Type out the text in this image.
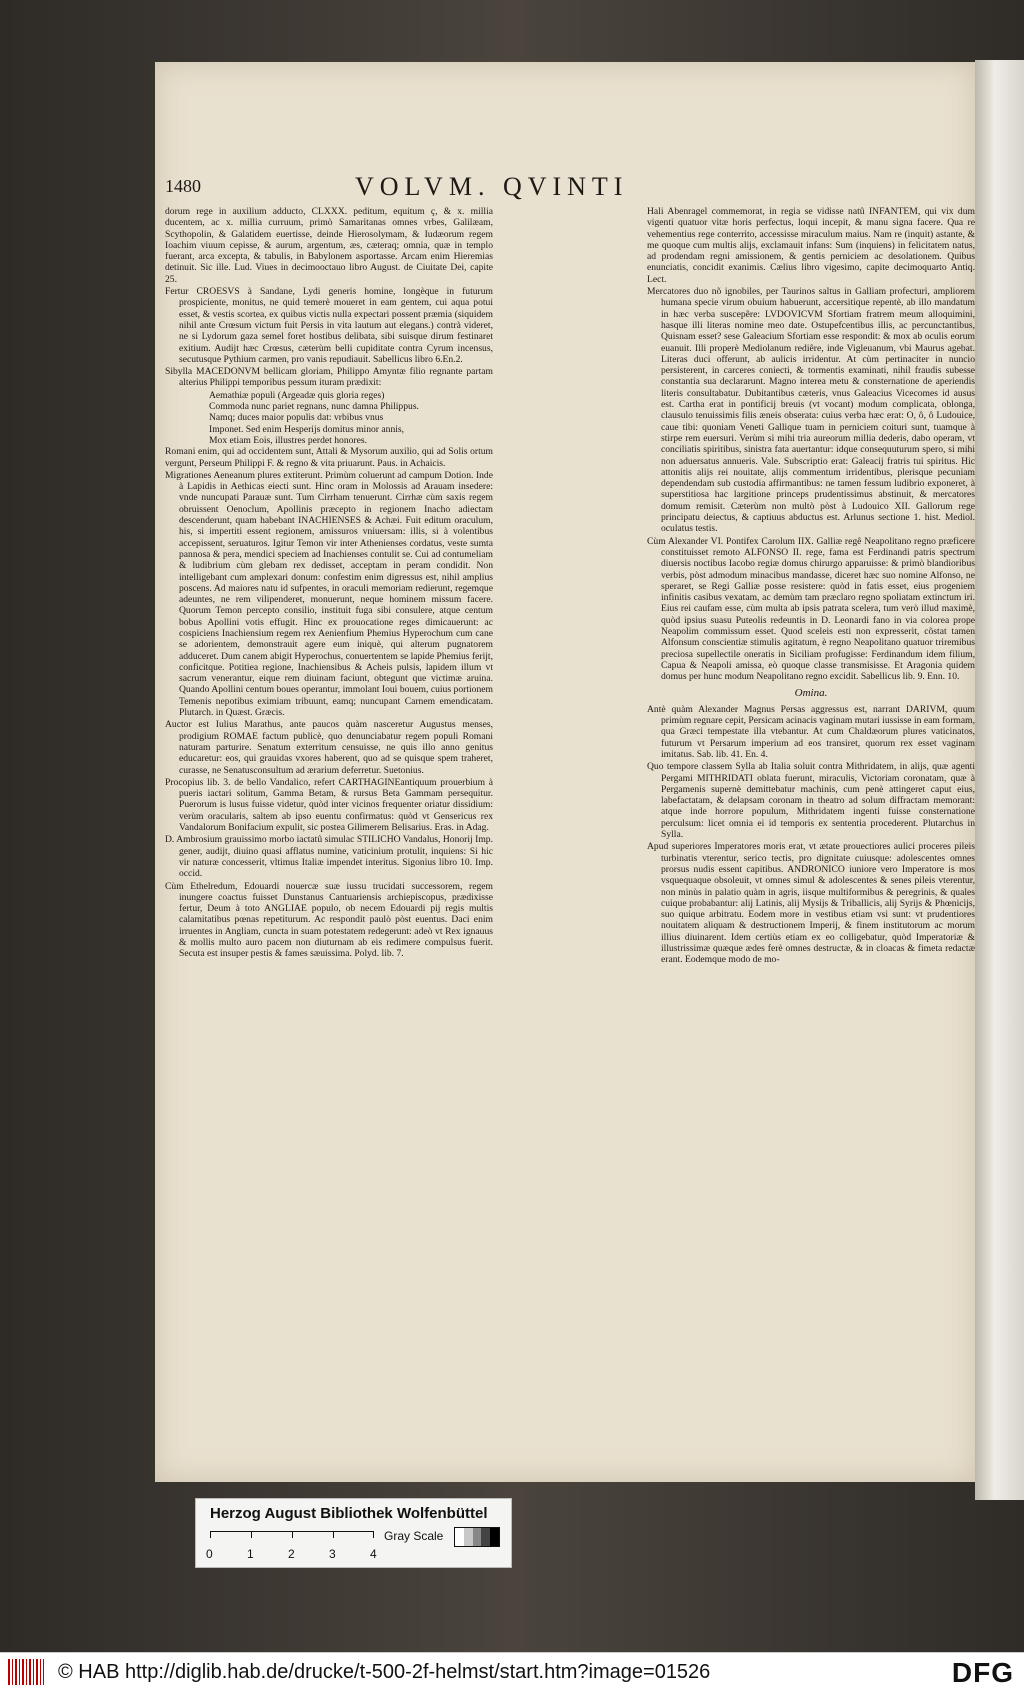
1480	VOLVM. QVINTI

dorum rege in auxilium adducto, CLXXX. peditum, equitum ç, & x. millia ducentem, ac x. millia curruum, primò Samaritanas omnes vrbes, Galilæam, Scythopolin, & Galatidem euertisse, deinde Hierosolymam, & Iudæorum regem Ioachim viuum cepisse, & aurum, argentum, æs, cæteraq; omnia, quæ in templo fuerant, arca excepta, & tabulis, in Babylonem asportasse. Arcam enim Hieremias detinuit. Sic ille. Lud. Viues in decimooctauo libro August. de Ciuitate Dei, capite 25.

Fertur CROESVS à Sandane, Lydi generis homine, longèque in futurum prospiciente, monitus, ne quid temerè moueret in eam gentem, cui aqua potui esset, & vestis scortea, ex quibus victis nulla expectari possent præmia (siquidem nihil ante Crœsum victum fuit Persis in vita lautum aut elegans.) contrà videret, ne si Lydorum gaza semel foret hostibus delibata, sibi suisque dirum festinaret exitium. Audijt hæc Crœsus, cæterùm belli cupiditate contra Cyrum incensus, secutusque Pythium carmen, pro vanis repudiauit. Sabellicus libro 6.En.2.

Sibylla MACEDONVM bellicam gloriam, Philippo Amyntæ filio regnante partam alterius Philippi temporibus pessum ituram prædixit:

Aemathiæ populi (Argeadæ quis gloria reges)

Commoda nunc pariet regnans, nunc damna Philippus.

Namq; duces maior populis dat: vrbibus vnus

Imponet. Sed enim Hesperijs domitus minor annis,

Mox etiam Eois, illustres perdet honores.

Romani enim, qui ad occidentem sunt, Attali & Mysorum auxilio, qui ad Solis ortum vergunt, Perseum Philippi F. & regno & vita priuarunt. Paus. in Achaicis.

Migrationes Aeneanum plures extiterunt. Primùm coluerunt ad campum Dotion. Inde à Lapidis in Aethicas eiecti sunt. Hinc oram in Molossis ad Arauam insedere: vnde nuncupati Parauæ sunt. Tum Cirrham tenuerunt. Cirrhæ cùm saxis regem obruissent Oenoclum, Apollinis præcepto in regionem Inacho adiectam descenderunt, quam habebant INACHIENSES & Achæi. Fuit editum oraculum, his, si impertiti essent regionem, amissuros vniuersam: illis, si à volentibus accepissent, seruaturos. Igitur Temon vir inter Athenienses cordatus, veste sumta pannosa & pera, mendici speciem ad Inachienses contulit se. Cui ad contumeliam & ludibrium cùm glebam rex dedisset, acceptam in peram condidit. Non intelligebant cum amplexari donum: confestim enim digressus est, nihil amplius poscens. Ad maiores natu id sufpentes, in oraculi memoriam redierunt, regemque adeuntes, ne rem vilipenderet, monuerunt, neque hominem missum facere. Quorum Temon percepto consilio, instituit fuga sibi consulere, atque centum bobus Apollini votis effugit. Hinc ex prouocatione reges dimicauerunt: ac cospiciens Inachiensium regem rex Aenienfium Phemius Hyperochum cum cane se adorientem, demonstrauit agere eum iniquè, qui alterum pugnatorem adduceret. Dum canem abigit Hyperochus, conuertentem se lapide Phemius ferijt, conficitque. Potitiea regione, Inachiensibus & Acheis pulsis, lapidem illum vt sacrum venerantur, eique rem diuinam faciunt, obtegunt que victimæ aruina. Quando Apollini centum boues operantur, immolant Ioui bouem, cuius portionem Temenis nepotibus eximiam tribuunt, eamq; nuncupant Carnem emendicatam. Plutarch. in Quæst. Græcis.

Auctor est Iulius Marathus, ante paucos quàm nasceretur Augustus menses, prodigium ROMAE factum publicè, quo denunciabatur regem populi Romani naturam parturire. Senatum exterritum censuisse, ne quis illo anno genitus educaretur: eos, qui grauidas vxores haberent, quo ad se quisque spem traheret, curasse, ne Senatusconsultum ad ærarium deferretur. Suetonius.

Procopius lib. 3. de bello Vandalico, refert CARTHAGINEantiquum prouerbium à pueris iactari solitum, Gamma Betam, & rursus Beta Gammam persequitur. Puerorum is lusus fuisse videtur, quòd inter vicinos frequenter oriatur dissidium: verùm oracularis, saltem ab ipso euentu confirmatus: quòd vt Gensericus rex Vandalorum Bonifacium expulit, sic postea Gilimerem Belisarius. Eras. in Adag.

D. Ambrosium grauissimo morbo iactatû simulac STILICHO Vandalus, Honorij Imp. gener, audijt, diuino quasi afflatus numine, vaticinium protulit, inquiens: Si hic vir naturæ concesserit, vltimus Italiæ impendet interitus. Sigonius libro 10. Imp. occid.

Cùm Ethelredum, Edouardi nouercæ suæ iussu trucidati successorem, regem inungere coactus fuisset Dunstanus Cantuariensis archiepiscopus, prædixisse fertur, Deum à toto ANGLIAE populo, ob necem Edouardi pij regis multis calamitatibus pœnas repetiturum. Ac respondit paulò pòst euentus. Daci enim irruentes in Angliam, cuncta in suam potestatem redegerunt: adeò vt Rex ignauus & mollis multo auro pacem non diuturnam ab eis redimere compulsus fuerit. Secuta est insuper pestis & fames sæuissima. Polyd. lib. 7.

Hali Abenragel commemorat, in regia se vidisse natû INFANTEM, qui vix dum vigenti quatuor vitæ horis perfectus, loqui incepit, & manu signa facere. Qua re vehementius rege conterrito, accessisse miraculum maius. Nam re (inquit) astante, & me quoque cum multis alijs, exclamauit infans: Sum (inquiens) in felicitatem natus, ad prodendam regni amissionem, & gentis perniciem ac desolationem. Quibus enunciatis, concidit exanimis. Cælius libro vigesimo, capite decimoquarto Antiq. Lect.

Mercatores duo nõ ignobiles, per Taurinos saltus in Galliam profecturi, ampliorem humana specie virum obuium habuerunt, accersitique repentè, ab illo mandatum in hæc verba suscepêre: LVDOVICVM Sfortiam fratrem meum alloquimini, hasque illi literas nomine meo date. Ostupefcentibus illis, ac percunctantibus, Quisnam esset? sese Galeacium Sfortiam esse respondit: & mox ab oculis eorum euanuit. Illi properè Mediolanum rediêre, inde Vigleuanum, vbi Maurus agebat. Literas duci offerunt, ab aulicis irridentur. At cùm pertinaciter in nuncio persisterent, in carceres coniecti, & tormentis examinati, nihil fraudis subesse constantia sua declararunt. Magno interea metu & consternatione de aperiendis literis consultabatur. Dubitantibus cæteris, vnus Galeacius Vicecomes id ausus est. Cartha erat in pontificij breuis (vt vocant) modum complicata, oblonga, clausulo tenuissimis filis æneis obserata: cuius verba hæc erat: O, ô, ô Ludouice, caue tibi: quoniam Veneti Gallique tuam in perniciem coituri sunt, tuamque à stirpe rem euersuri. Verùm si mihi tria aureorum millia dederis, dabo operam, vt conciliatis spiritibus, sinistra fata auertantur: idque consequuturum spero, si mihi non aduersatus annueris. Vale. Subscriptio erat: Galeacij fratris tui spiritus. Hic attonitis alijs rei nouitate, alijs commentum irridentibus, plerisque pecuniam dependendam sub custodia affirmantibus: ne tamen fessum ludibrio exponeret, à superstitiosa hac largitione princeps prudentissimus abstinuit, & mercatores domum remisit. Cæterùm non multò pòst à Ludouico XII. Gallorum rege principatu deiectus, & captiuus abductus est. Arlunus sectione 1. hist. Mediol. oculatus testis.

Cùm Alexander VI. Pontifex Carolum IIX. Galliæ regê Neapolitano regno præficere constituisset remoto ALFONSO II. rege, fama est Ferdinandi patris spectrum diuersis noctibus Iacobo regiæ domus chirurgo apparuisse: & primò blandioribus verbis, pòst admodum minacibus mandasse, diceret hæc suo nomine Alfonso, ne speraret, se Regi Galliæ posse resistere: quòd in fatis esset, eius progeniem infinitis casibus vexatam, ac demùm tam præclaro regno spoliatam extinctum iri. Eius rei caufam esse, cùm multa ab ipsis patrata scelera, tum verò illud maximè, quòd ipsius suasu Puteolis redeuntis in D. Leonardi fano in via colorea prope Neapolim commissum esset. Quod sceleis esti non expresserit, cõstat tamen Alfonsum conscientiæ stimulis agitatum, è regno Neapolitano quatuor triremibus preciosa supellectile oneratis in Siciliam profugisse: Ferdinandum idem filium, Capua & Neapoli amissa, eò quoque classe transmisisse. Et Aragonia quidem domus per hunc modum Neapolitano regno excidit. Sabellicus lib. 9. Enn. 10.

Omina.

Antè quàm Alexander Magnus Persas aggressus est, narrant DARIVM, quum primùm regnare cepit, Persicam acinacis vaginam mutari iussisse in eam formam, qua Græci tempestate illa vtebantur. At cum Chaldæorum plures vaticinatos, futurum vt Persarum imperium ad eos transiret, quorum rex esset vaginam imitatus. Sab. lib. 41. En. 4.

Quo tempore classem Sylla ab Italia soluit contra Mithridatem, in alijs, quæ agenti Pergami MITHRIDATI oblata fuerunt, miraculis, Victoriam coronatam, quæ à Pergamenis supernè demittebatur machinis, cum penè attingeret caput eius, labefactatam, & delapsam coronam in theatro ad solum diffractam memorant: atque inde horrore populum, Mithridatem ingenti fuisse consternatione perculsum: licet omnia ei id temporis ex sententia procederent. Plutarchus in Sylla.

Apud superiores Imperatores moris erat, vt ætate prouectiores aulici proceres pileis turbinatis vterentur, serico tectis, pro dignitate cuiusque: adolescentes omnes prorsus nudis essent capitibus. ANDRONICO iuniore vero Imperatore is mos vsquequaque obsoleuit, vt omnes simul & adolescentes & senes pileis vterentur, non minùs in palatio quàm in agris, iisque multiformibus & peregrinis, & quales cuique probabantur: alij Latinis, alij Mysijs & Triballicis, alij Syrijs & Phœnicijs, suo quique arbitratu. Eodem more in vestibus etiam vsi sunt: vt prudentiores nouitatem aliquam & destructionem Imperij, & finem institutorum ac morum illius diuinarent. Idem certiùs etiam ex eo colligebatur, quòd Imperatoriæ & illustrissimæ quæque ædes ferè omnes destructæ, & in cloacas & fimeta redactæ erant. Eodemque modo de mo-

Herzog August Bibliothek Wolfenbüttel
0	1	2	3	4
Gray Scale
© HAB http://diglib.hab.de/drucke/t-500-2f-helmst/start.htm?image=01526	DFG
